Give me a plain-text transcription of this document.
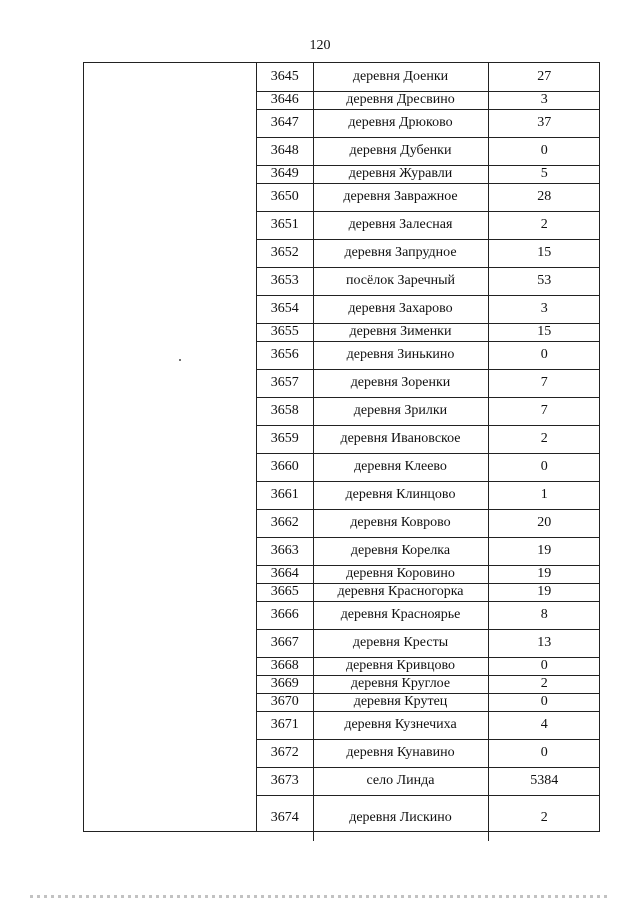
120
3645	деревня Доенки	27
3646	деревня Дресвино	3
3647	деревня Дрюково	37
3648	деревня Дубенки	0
3649	деревня Журавли	5
3650	деревня Завражное	28
3651	деревня Залесная	2
3652	деревня Запрудное	15
3653	посёлок Заречный	53
3654	деревня Захарово	3
3655	деревня Зименки	15
3656	деревня Зинькино	0
3657	деревня Зоренки	7
3658	деревня Зрилки	7
3659	деревня Ивановское	2
3660	деревня Клеево	0
3661	деревня Клинцово	1
3662	деревня Коврово	20
3663	деревня Корелка	19
3664	деревня Коровино	19
3665	деревня Красногорка	19
3666	деревня Красноярье	8
3667	деревня Кресты	13
3668	деревня Кривцово	0
3669	деревня Круглое	2
3670	деревня Крутец	0
3671	деревня Кузнечиха	4
3672	деревня Кунавино	0
3673	село Линда	5384
3674	деревня Лискино	2
